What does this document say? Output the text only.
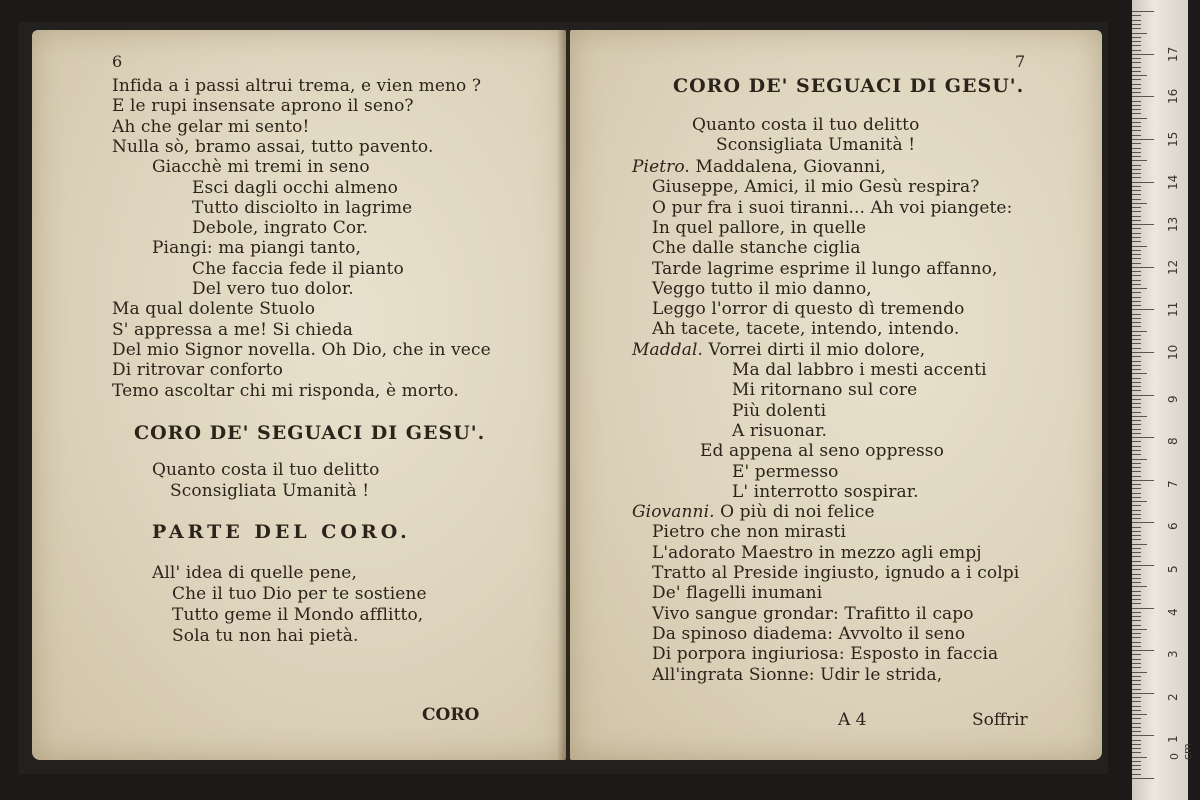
6
Infida a i passi altrui trema, e vien meno ?
E le rupi insensate aprono il seno?
Ah che gelar mi sento!
Nulla sò, bramo assai, tutto pavento.
Giacchè mi tremi in seno
Esci dagli occhi almeno
Tutto disciolto in lagrime
Debole, ingrato Cor.
Piangi: ma piangi tanto,
Che faccia fede il pianto
Del vero tuo dolor.
Ma qual dolente Stuolo
S' appressa a me! Si chieda
Del mio Signor novella. Oh Dio, che in vece
Di ritrovar conforto
Temo ascoltar chi mi risponda, è morto.
CORO DE' SEGUACI DI GESU'.
Quanto costa il tuo delitto
Sconsigliata Umanità !
PARTE DEL CORO.
All' idea di quelle pene,
Che il tuo Dio per te sostiene
Tutto geme il Mondo afflitto,
Sola tu non hai pietà.
CORO
7
CORO DE' SEGUACI DI GESU'.
Quanto costa il tuo delitto
Sconsigliata Umanità !
Pietro. Maddalena, Giovanni,
Giuseppe, Amici, il mio Gesù respira?
O pur fra i suoi tiranni... Ah voi piangete:
In quel pallore, in quelle
Che dalle stanche ciglia
Tarde lagrime esprime il lungo affanno,
Veggo tutto il mio danno,
Leggo l'orror di questo dì tremendo
Ah tacete, tacete, intendo, intendo.
Maddal. Vorrei dirti il mio dolore,
Ma dal labbro i mesti accenti
Mi ritornano sul core
Più dolenti
A risuonar.
Ed appena al seno oppresso
E' permesso
L' interrotto sospirar.
Giovanni. O più di noi felice
Pietro che non mirasti
L'adorato Maestro in mezzo agli empj
Tratto al Preside ingiusto, ignudo a i colpi
De' flagelli inumani
Vivo sangue grondar: Trafitto il capo
Da spinoso diadema: Avvolto il seno
Di porpora ingiuriosa: Esposto in faccia
All'ingrata Sionne: Udir le strida,
A 4	Soffrir
0 cm
1
2
3
4
5
6
7
8
9
10
11
12
13
14
15
16
17
